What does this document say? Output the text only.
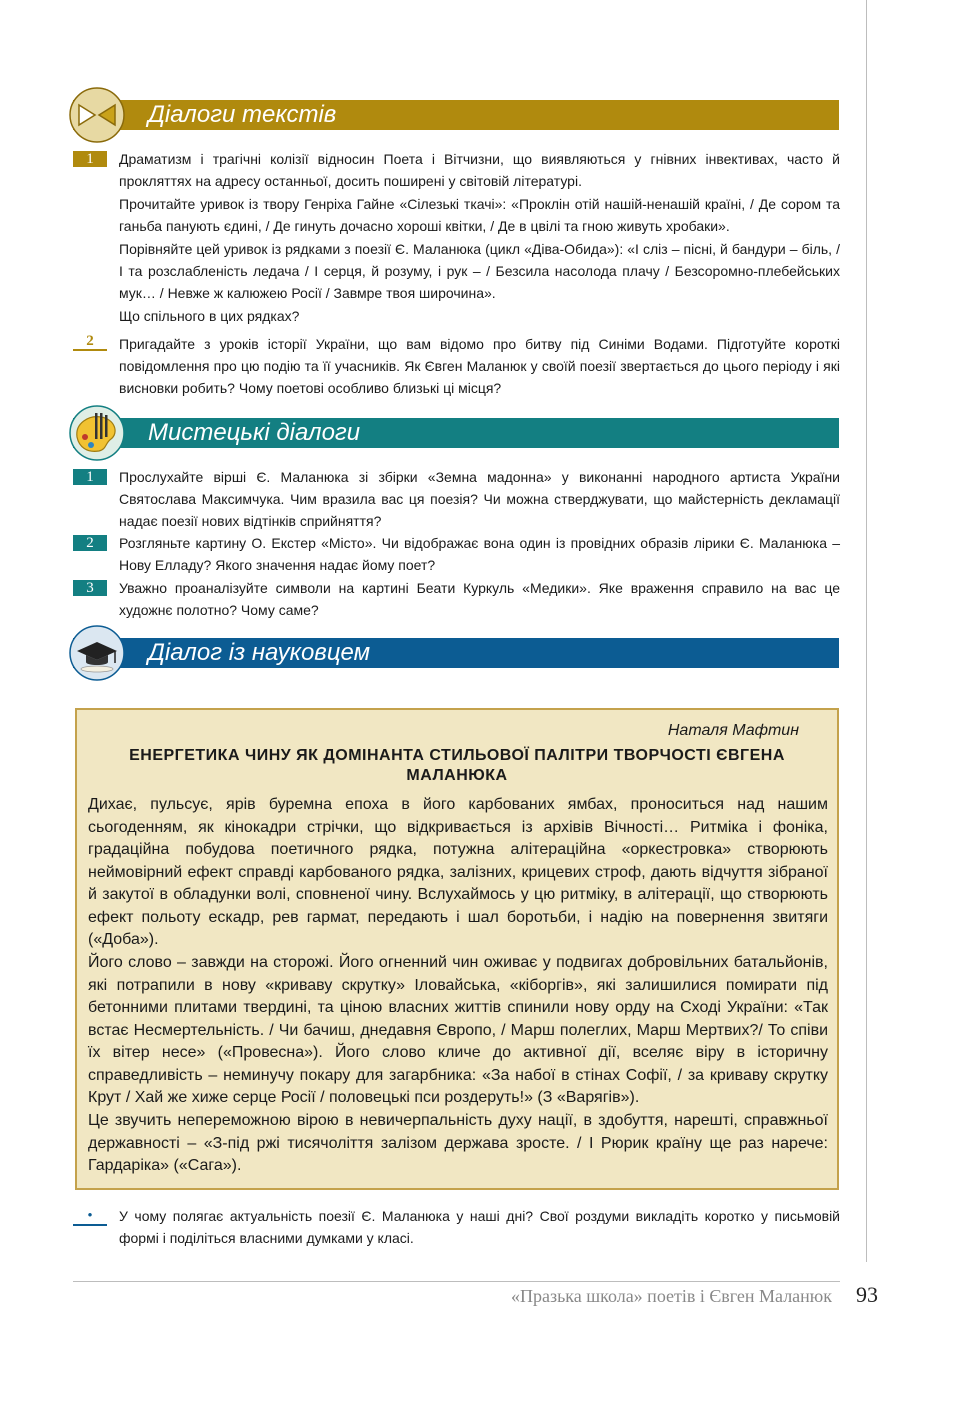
Діалоги текстів
1	Драматизм і трагічні колізії відносин Поета і Вітчизни, що виявляються у гнівних інвективах, часто й прокляттях на адресу останньої, досить поширені у світовій літературі.

Прочитайте уривок із твору Генріха Гайне «Сілезькі ткачі»: «Проклін отій нашій-ненашій країні, / Де сором та ганьба панують єдині, / Де гинуть дочасно хороші квітки, / Де в цвілі та гною живуть хробаки».

Порівняйте цей уривок із рядками з поезії Є. Маланюка (цикл «Діва-Обида»): «І сліз – пісні, й бандури – біль, / І та розслабленість ледача / І серця, й розуму, і рук – / Безсила насолода плачу / Безсоромно-плебейських мук… / Невже ж калюжею Росії / Завмре твоя широчина».

Що спільного в цих рядках?

2	Пригадайте з уроків історії України, що вам відомо про битву під Синіми Водами. Підготуйте короткі повідомлення про цю подію та її учасників. Як Євген Маланюк у своїй поезії звертається до цього періоду і які висновки робить? Чому поетові особливо близькі ці місця?

Мистецькі діалоги
1	Прослухайте вірші Є. Маланюка зі збірки «Земна мадонна» у виконанні народного артиста України Святослава Максимчука. Чим вразила вас ця поезія? Чи можна стверджувати, що майстерність декламації надає поезії нових відтінків сприйняття?

2	Розгляньте картину О. Екстер «Місто». Чи відображає вона один із провідних образів лірики Є. Маланюка – Нову Елладу? Якого значення надає йому поет?

3	Уважно проаналізуйте символи на картині Беати Куркуль «Медики». Яке враження справило на вас це художнє полотно? Чому саме?

Діалог із науковцем
Наталя Мафтин
ЕНЕРГЕТИКА ЧИНУ ЯК ДОМІНАНТА СТИЛЬОВОЇ ПАЛІТРИ ТВОРЧОСТІ ЄВГЕНА МАЛАНЮКА

Дихає, пульсує, ярів буремна епоха в його карбованих ямбах, проноситься над нашим сьогоденням, як кінокадри стрічки, що відкривається із архівів Вічності… Ритміка і фоніка, градаційна побудова поетичного рядка, потужна алітераційна «оркестровка» створюють неймовірний ефект справді карбованого рядка, залізних, крицевих строф, дають відчуття зібраної й закутої в обладунки волі, сповненої чину. Вслухаймось у цю ритміку, в алітерації, що створюють ефект польоту ескадр, рев гармат, передають і шал боротьби, і надію на повернення звитяги («Доба»).

Його слово – завжди на сторожі. Його огненний чин оживає у подвигах добровільних батальйонів, які потрапили в нову «криваву скрутку» Іловайська, «кіборгів», які залишилися помирати під бетонними плитами твердині, та ціною власних життів спинили нову орду на Сході України: «Так встає Несмертельність. / Чи бачиш, днедавня Європо, / Марш полеглих, Марш Мертвих?/ То співи їх вітер несе» («Провесна»). Його слово кличе до активної дії, вселяє віру в історичну справедливість – неминучу покару для загарбника: «За набої в стінах Софії, / за криваву скрутку Крут / Хай же хиже серце Росії / половецькі пси роздеруть!» (З «Варягів»).

Це звучить непереможною вірою в невичерпальність духу нації, в здобуття, нарешті, справжньої державності – «З-під ржі тисячоліття залізом держава зросте. / І Рюрик країну ще раз нарече: Гардаріка» («Сага»).

•	У чому полягає актуальність поезії Є. Маланюка у наші дні? Свої роздуми викладіть коротко у письмовій формі і поділіться власними думками у класі.

«Празька школа» поетів і Євген Маланюк 93
